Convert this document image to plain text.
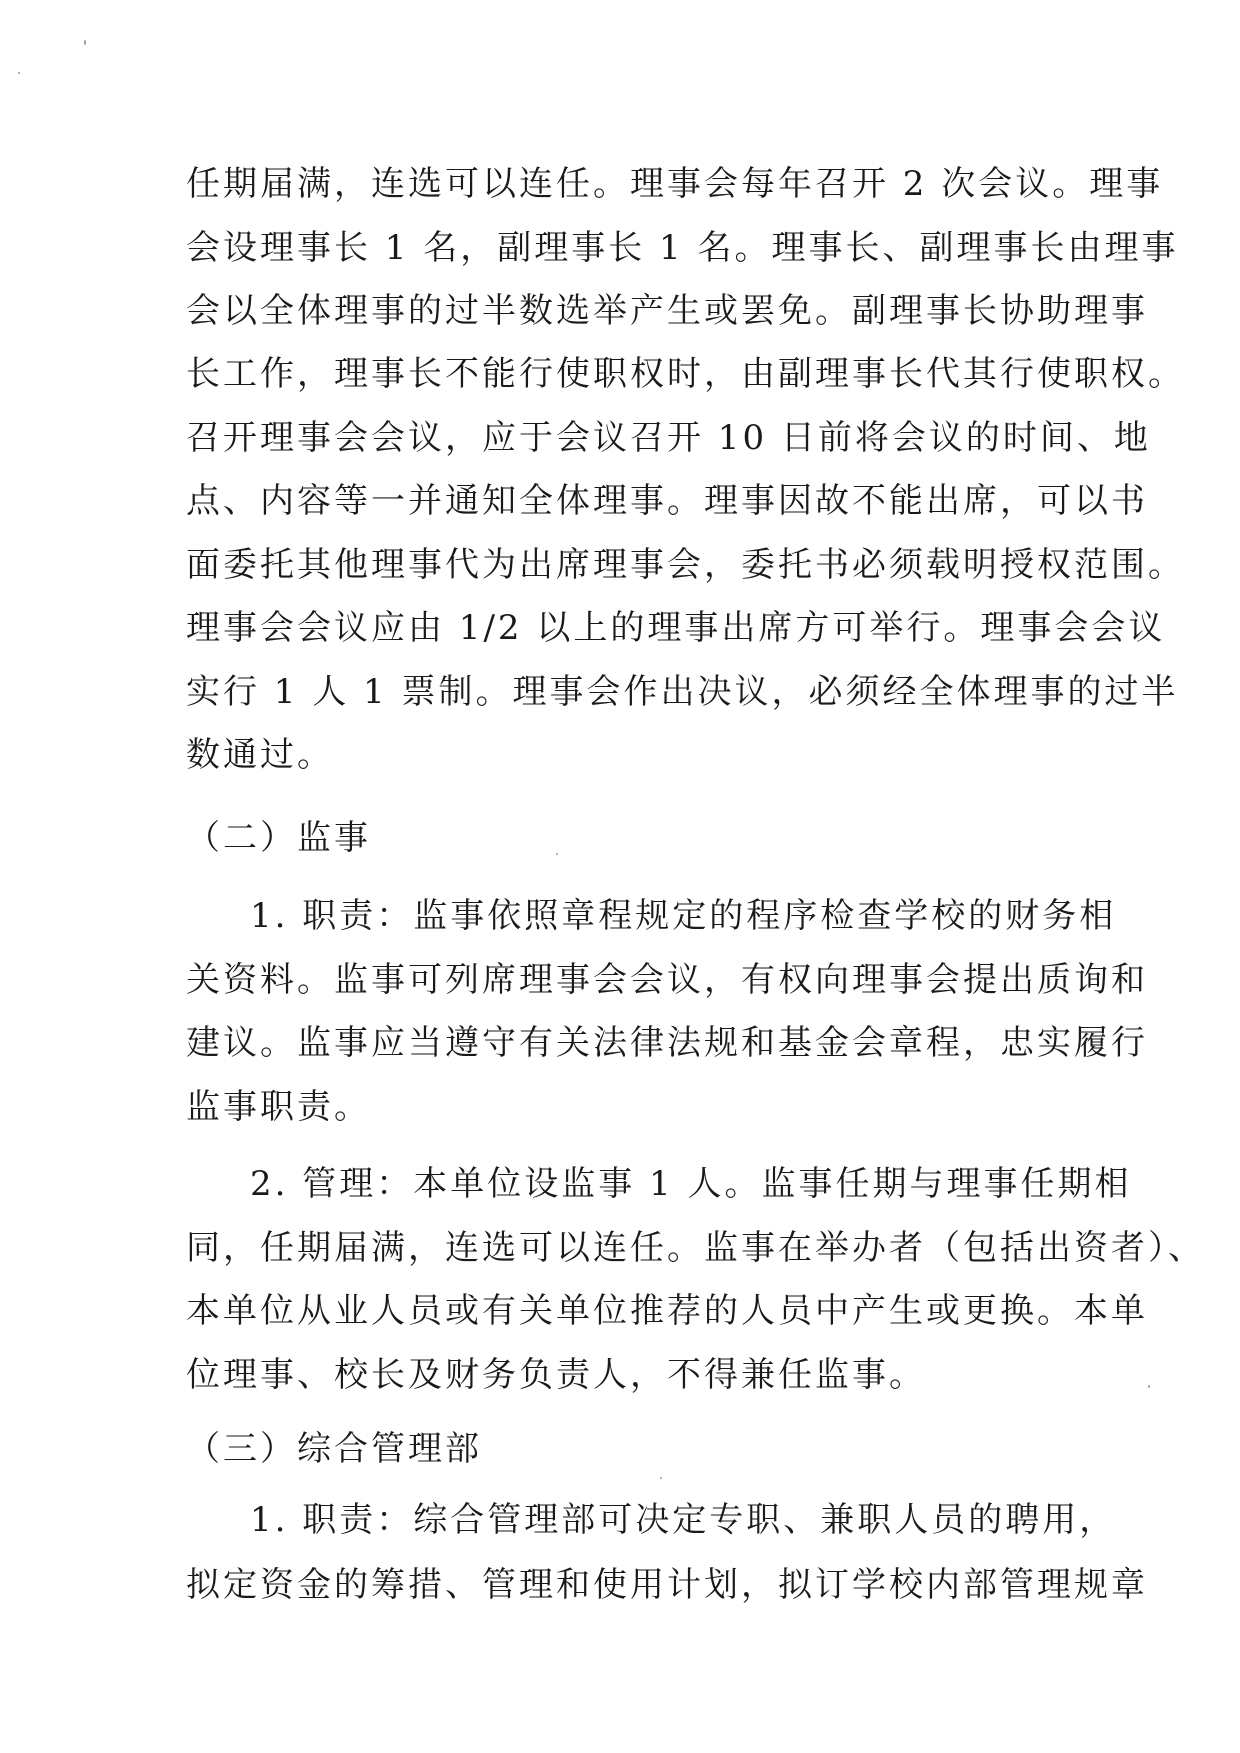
任期届满，连选可以连任。理事会每年召开 2 次会议。理事
会设理事长 1 名，副理事长 1 名。理事长、副理事长由理事
会以全体理事的过半数选举产生或罢免。副理事长协助理事
长工作，理事长不能行使职权时，由副理事长代其行使职权。
召开理事会会议，应于会议召开 10 日前将会议的时间、地
点、内容等一并通知全体理事。理事因故不能出席，可以书
面委托其他理事代为出席理事会，委托书必须载明授权范围。
理事会会议应由 1/2 以上的理事出席方可举行。理事会会议
实行 1 人 1 票制。理事会作出决议，必须经全体理事的过半
数通过。
（二）监事
1. 职责：监事依照章程规定的程序检查学校的财务相
关资料。监事可列席理事会会议，有权向理事会提出质询和
建议。监事应当遵守有关法律法规和基金会章程，忠实履行
监事职责。
2. 管理：本单位设监事 1 人。监事任期与理事任期相
同，任期届满，连选可以连任。监事在举办者（包括出资者）、
本单位从业人员或有关单位推荐的人员中产生或更换。本单
位理事、校长及财务负责人，不得兼任监事。
（三）综合管理部
1. 职责：综合管理部可决定专职、兼职人员的聘用，
拟定资金的筹措、管理和使用计划，拟订学校内部管理规章
